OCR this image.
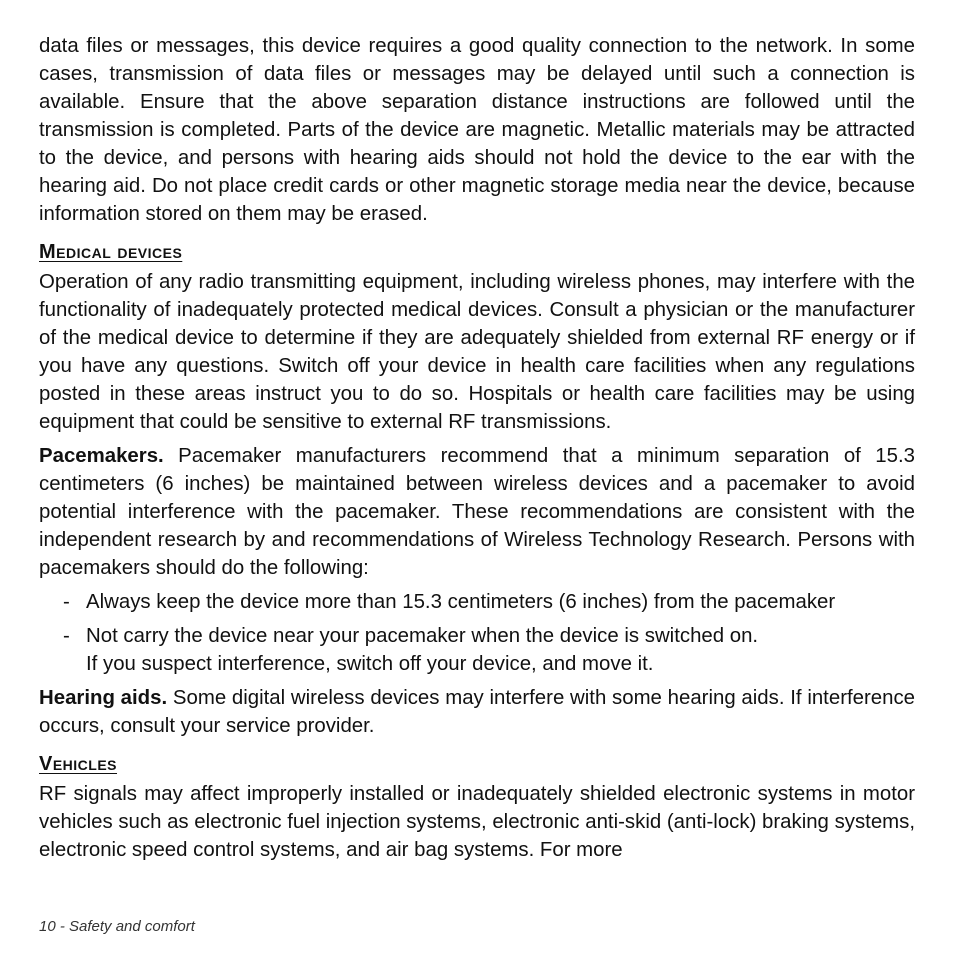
data files or messages, this device requires a good quality connection to the network. In some cases, transmission of data files or messages may be delayed until such a connection is available. Ensure that the above separation distance instructions are followed until the transmission is completed. Parts of the device are magnetic. Metallic materials may be attracted to the device, and persons with hearing aids should not hold the device to the ear with the hearing aid. Do not place credit cards or other magnetic storage media near the device, because information stored on them may be erased.

Medical devices

Operation of any radio transmitting equipment, including wireless phones, may interfere with the functionality of inadequately protected medical devices. Consult a physician or the manufacturer of the medical device to determine if they are adequately shielded from external RF energy or if you have any questions. Switch off your device in health care facilities when any regulations posted in these areas instruct you to do so. Hospitals or health care facilities may be using equipment that could be sensitive to external RF transmissions.

Pacemakers. Pacemaker manufacturers recommend that a minimum separation of 15.3 centimeters (6 inches) be maintained between wireless devices and a pacemaker to avoid potential interference with the pacemaker. These recommendations are consistent with the independent research by and recommendations of Wireless Technology Research. Persons with pacemakers should do the following:

- Always keep the device more than 15.3 centimeters (6 inches) from the pacemaker
- Not carry the device near your pacemaker when the device is switched on.
If you suspect interference, switch off your device, and move it.

Hearing aids. Some digital wireless devices may interfere with some hearing aids. If interference occurs, consult your service provider.

Vehicles

RF signals may affect improperly installed or inadequately shielded electronic systems in motor vehicles such as electronic fuel injection systems, electronic anti-skid (anti-lock) braking systems, electronic speed control systems, and air bag systems. For more

10 - Safety and comfort
